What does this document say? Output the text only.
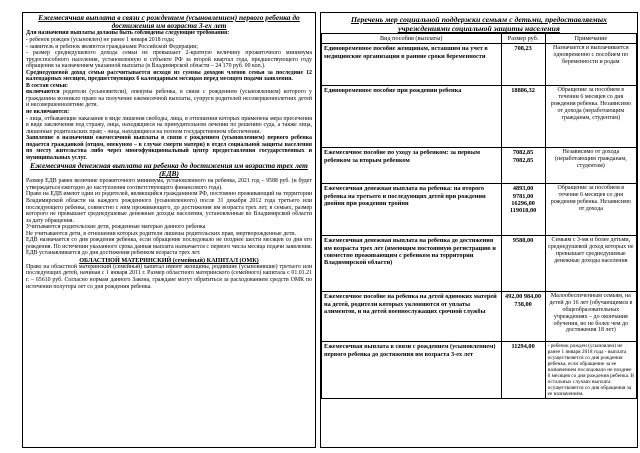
Ежемесячная выплата в связи с рождением (усыновлением) первого ребенка до достижения им возраста 3-ех лет

Для назначения выплаты должны быть соблюдены следующие требования:

- ребенок рожден (усыновлен) не ранее 1 января 2018 года;

- заявитель и ребенок являются гражданами Российской Федерации;

- размер среднедушевого дохода семьи не превышает 2-кратную величину прожиточного минимума трудоспособного населения, установленную в субъекте РФ за второй квартал года, предшествующего году обращения за назначением указанной выплаты (в Владимирской области – 24 170 руб. 00 коп.).

Среднедушевой доход семьи рассчитывается исходя из суммы доходов членов семьи за последние 12 календарных месяцев, предшествующих 6 календарным месяцам перед месяцем подачи заявления.

В состав семьи:

включаются родители (усыновители), опекуны ребенка, в связи с рождением (усыновлением) которого у гражданина возникло право на получение ежемесячной выплаты, супруги родителей несовершеннолетних детей и несовершеннолетние дети.

не включаются:

- лица, отбывающие наказание в виде лишения свободы, лица, в отношении которых применена мера пресечения в виде заключения под стражу, лица, находящиеся на принудительном лечении по решению суда, а также лица, лишенные родительских прав; - лица, находящиеся на полном государственном обеспечении.

Заявление о назначении ежемесячной выплаты в связи с рождением (усыновлением) первого ребенка подается гражданкой (отцом, опекуном – в случае смерти матери) в отдел социальной защиты населения по месту жительства либо через многофункциональный центр предоставления государственных и муниципальных услуг.

Ежемесячная денежная выплата на ребенка до достижения им возраста трех лет (ЕДВ)

Размер ЕДВ равен величине прожиточного минимума, установленного на ребенка, 2021 год – 9588 руб. (и будет утверждаться ежегодно до наступления соответствующего финансового года).

Право на ЕДВ имеют один из родителей, являющийся гражданином РФ, постоянно проживающий на территории Владимирской области на каждого рожденного (усыновленного) после 31 декабря 2012 года третьего или последующего ребенка, совместно с ним проживающего, до достижения им возраста трех лет, в семьях, размер которого не превышает среднедушевые денежные доходы населения, установленные во Владимирской области за дату обращения.

Учитываются родительские дети, рожденные матерью данного ребенка

Не учитываются дети, в отношении которых родители лишены родительских прав, мертворожденные дети.

ЕДВ назначается со дня рождения ребенка, если обращение последовало не позднее шести месяцев со дня его рождения. По истечении указанного срока данная выплата назначается с первого числа месяца подачи заявления. ЕДВ устанавливается до дня достижения ребенком возраста трех лет.

ОБЛАСТНОЙ МАТЕРИНСКИЙ (семейный) КАПИТАЛ (ОМК)

Право на областной материнский (семейный) капитал имеют женщины, родившие (усыновившие) третьего или последующих детей, начиная с 1 января 2011 г. Размер областного материнского (семейного) капитала с 01.01.21 г. – 65610 руб. Согласно нормам данного Закона, граждане могут обратиться за расходованием средств ОМК по истечении полутора лет со дня рождения ребенка.

Перечень мер социальной поддержки семьям с детьми, предоставляемых учреждениями социальной защиты населения
Вид пособия (выплаты)	Размер руб.	Примечание
Единовременное пособие женщинам, вставшим на учет в медицинские организации в ранние сроки беременности	708,23	Назначается и выплачивается одновременно с пособием по беременности и родам
Единовременное пособие при рождении ребенка	18886,32	Обращение за пособием в течении 6 месяцев со дня рождения ребенка. Независимо от дохода (неработающим гражданам, студентам)
Ежемесячное пособие по уходу за ребенком: за первым ребенком за вторым ребенком	7082,85 7082,85	Независимо от дохода (неработающим гражданам, студентам)
Ежемесячная денежная выплата на ребенка: на второго ребенка на третьего и последующих детей при рождении двойни при рождении тройни	4893,00 9781,00 16296,00 119018,00	Обращение за пособием в течение 6 месяцев со дня рождения ребенка. Независимо от дохода
Ежемесячная денежная выплата на ребенка до достижения им возраста трех лет (имеющим постоянную регистрацию и совместно проживающим с ребенком на территории Владимирской области)	9588,00	Семьям с 3-мя и более детьми, среднедушевой доход которых не превышает среднедушевые денежные доходы населения
Ежемесячное пособие на ребенка на детей одиноких матерей на детей, родители которых уклоняются от уплаты алиментов, и на детей военнослужащих срочной службы	492,00 984,00 738,00	Малообеспеченным семьям, на детей до 16 лет (обучающимся в общеобразовательных учреждениях – до окончания обучения, но не более чем до достижения 18 лет)
Ежемесячная выплата в связи с рождением (усыновлением) первого ребенка до достижения им возраста 3-ех лет	11294,00	- ребенок рожден (усыновлен) не ранее 1 января 2018 года - выплата осуществляется со дня рождения ребенка, если обращение за ее назначением последовало не позднее 6 месяцев со дня рождения ребенка. В остальных случаях выплата осуществляется со дня обращения за ее назначением.
